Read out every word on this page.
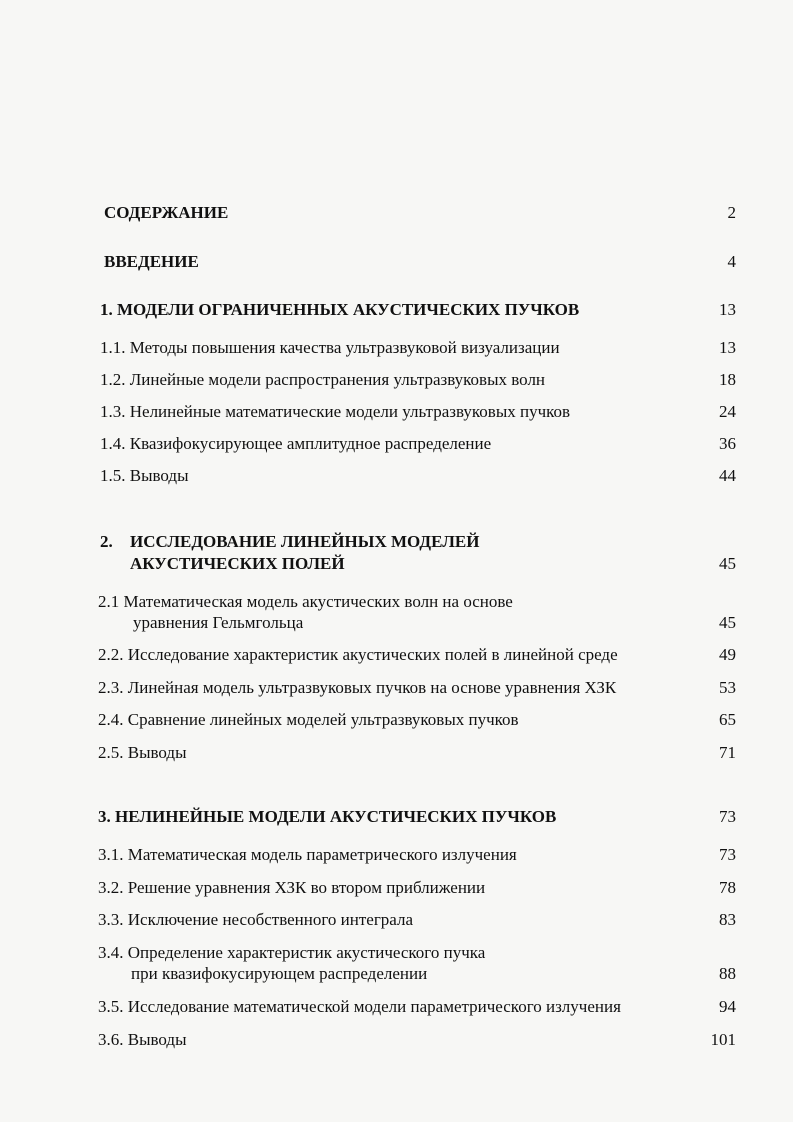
СОДЕРЖАНИЕ	2
ВВЕДЕНИЕ	4
1. МОДЕЛИ ОГРАНИЧЕННЫХ АКУСТИЧЕСКИХ ПУЧКОВ	13
1.1. Методы повышения качества ультразвуковой визуализации	13
1.2. Линейные модели распространения ультразвуковых волн	18
1.3. Нелинейные математические модели ультразвуковых пучков	24
1.4. Квазифокусирующее амплитудное распределение	36
1.5. Выводы	44
2. ИССЛЕДОВАНИЕ ЛИНЕЙНЫХ МОДЕЛЕЙ
АКУСТИЧЕСКИХ ПОЛЕЙ	45
2.1 Математическая модель акустических волн на основе
уравнения Гельмгольца	45
2.2. Исследование характеристик акустических полей в линейной среде	49
2.3. Линейная модель ультразвуковых пучков на основе уравнения ХЗК	53
2.4. Сравнение линейных моделей ультразвуковых пучков	65
2.5. Выводы	71
3. НЕЛИНЕЙНЫЕ МОДЕЛИ АКУСТИЧЕСКИХ ПУЧКОВ	73
3.1. Математическая модель параметрического излучения	73
3.2. Решение уравнения ХЗК во втором приближении	78
3.3. Исключение несобственного интеграла	83
3.4. Определение характеристик акустического пучка
при квазифокусирующем распределении	88
3.5. Исследование математической модели параметрического излучения	94
3.6. Выводы	101
